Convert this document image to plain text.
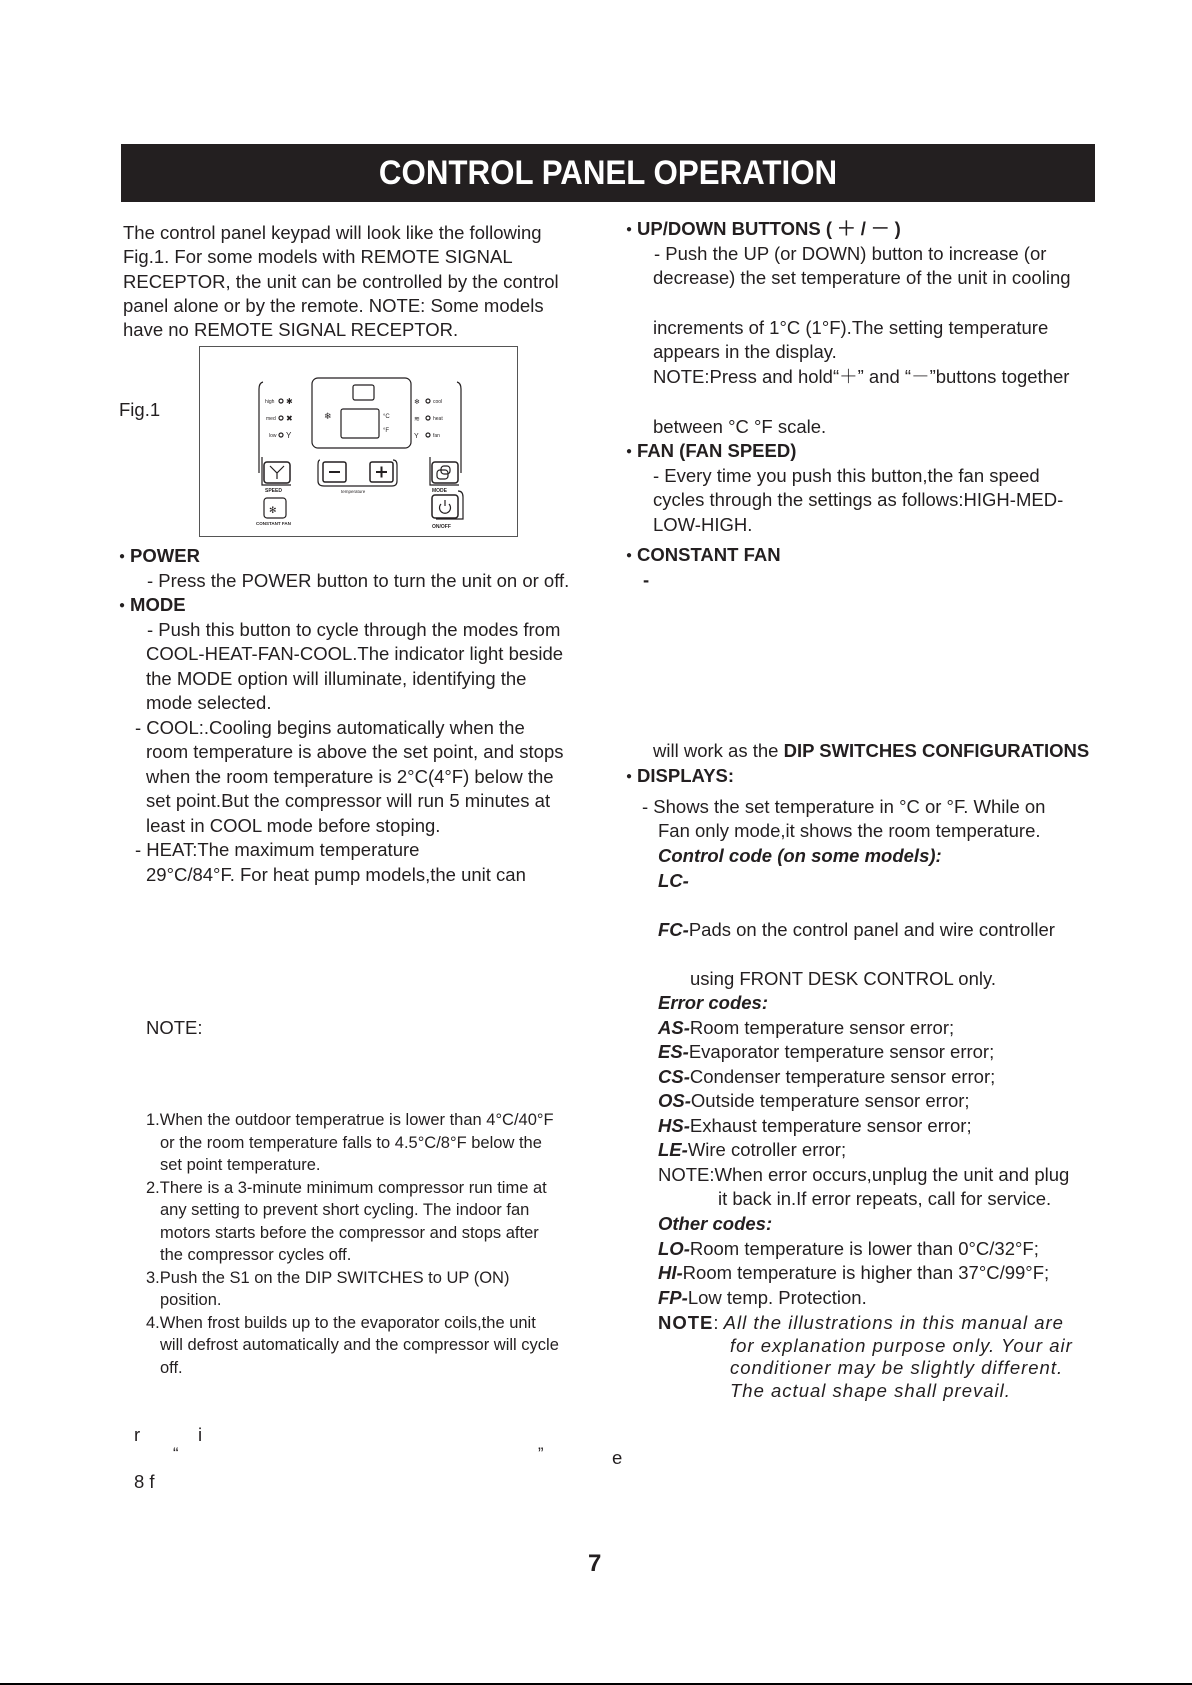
CONTROL PANEL OPERATION
The control panel keypad will look like the following
Fig.1. For some models with REMOTE SIGNAL
RECEPTOR, the unit can be controlled by the control
panel alone or by the remote. NOTE: Some models
have no REMOTE SIGNAL RECEPTOR.
Fig.1	high
med
low
✱
✖
Y
❄
≋
Y
cool
heat
fan
❄	°C
°F
SPEED	temperature	MODE
CONSTANT FAN
ON/OFF
✻
● POWER
- Press the POWER button to turn the unit on or off.
● MODE
- Push this button to cycle through the modes from
COOL-HEAT-FAN-COOL.The indicator light beside
the MODE option will illuminate, identifying the
mode selected.
- COOL:.Cooling begins automatically when the
room temperature is above the set point, and stops
when the room temperature is 2°C(4°F) below the
set point.But the compressor will run 5 minutes at
least in COOL mode before stoping.
- HEAT:The maximum temperature
29°C/84°F. For heat pump models,the unit can
NOTE:
1.When the outdoor temperatrue is lower than 4°C/40°F
or the room temperature falls to 4.5°C/8°F below the
set point temperature.
2.There is a 3-minute minimum compressor run time at
any setting to prevent short cycling. The indoor fan
motors starts before the compressor and stops after
the compressor cycles off.
3.Push the S1 on the DIP SWITCHES to UP (ON)
position.
4.When frost builds up to the evaporator coils,the unit
will defrost automatically and the compressor will cycle
off.
r	i
“	”	e
8 f
● UP/DOWN BUTTONS ( ＋ / － )
- Push the UP (or DOWN) button to increase (or
decrease) the set temperature of the unit in cooling
increments of 1°C (1°F).The setting temperature
appears in the display.
NOTE:Press and hold“＋” and “－”buttons together
between °C °F scale.
● FAN (FAN SPEED)
- Every time you push this button,the fan speed
cycles through the settings as follows:HIGH-MED-
LOW-HIGH.
● CONSTANT FAN
-
will work as the DIP SWITCHES CONFIGURATIONS
● DISPLAYS:
- Shows the set temperature in °C or °F. While on
Fan only mode,it shows the room temperature.
Control code (on some models):
LC-
FC-Pads on the control panel and wire controller
using FRONT DESK CONTROL only.
Error codes:
AS-Room temperature sensor error;
ES-Evaporator temperature sensor error;
CS-Condenser temperature sensor error;
OS-Outside temperature sensor error;
HS-Exhaust temperature sensor error;
LE-Wire cotroller error;
NOTE:When error occurs,unplug the unit and plug
it back in.If error repeats, call for service.
Other codes:
LO-Room temperature is lower than 0°C/32°F;
HI-Room temperature is higher than 37°C/99°F;
FP-Low temp. Protection.
NOTE: All the illustrations in this manual are
for explanation purpose only. Your air
conditioner may be slightly different.
The actual shape shall prevail.
7
